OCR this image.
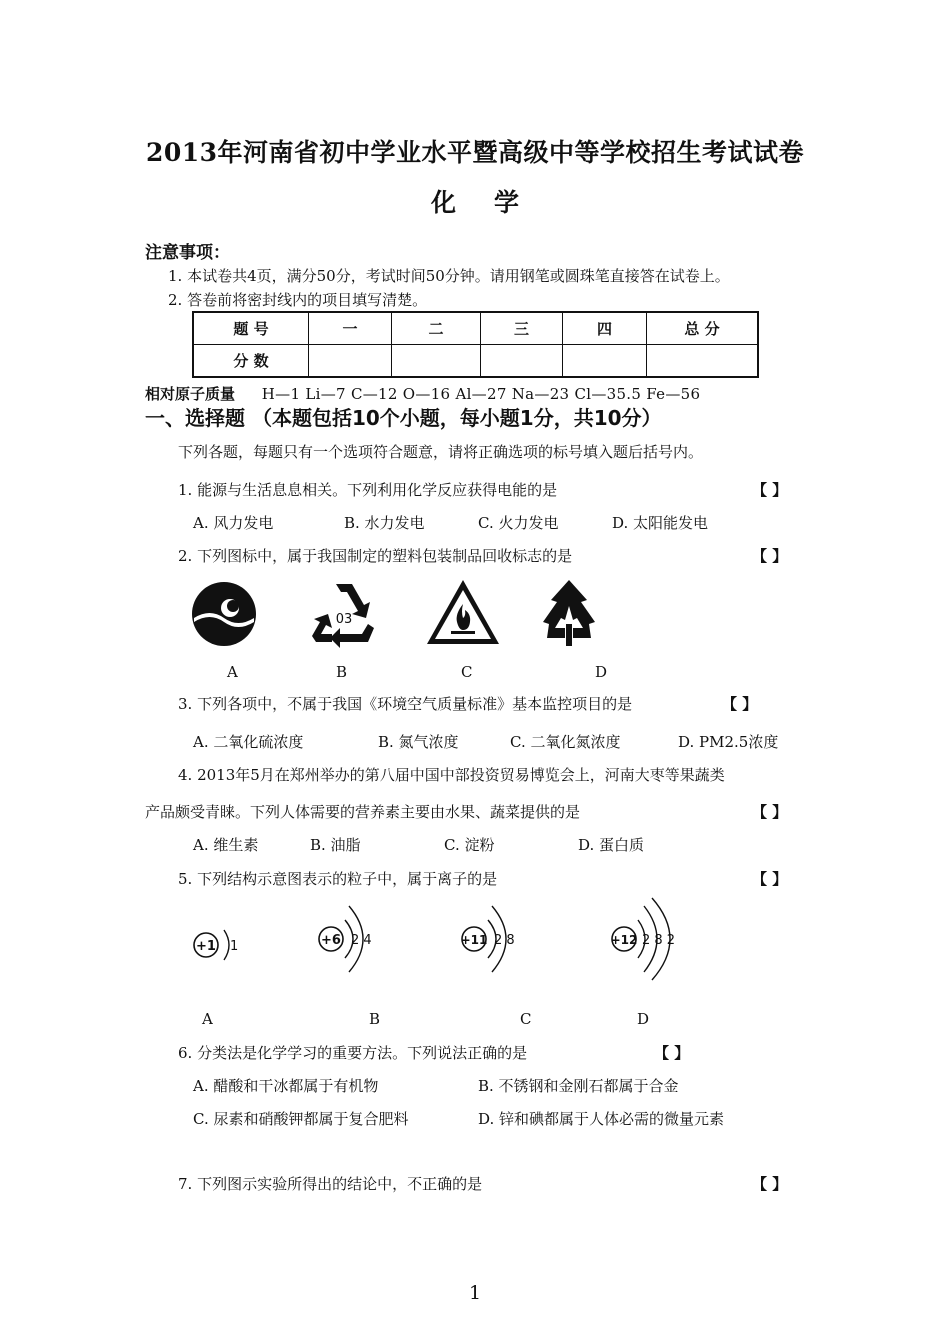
2013年河南省初中学业水平暨高级中等学校招生考试试卷
化学
注意事项：
1. 本试卷共4页，满分50分，考试时间50分钟。请用钢笔或圆珠笔直接答在试卷上。
2. 答卷前将密封线内的项目填写清楚。
题 号	一	二	三	四	总 分
分 数					
相对原子质量 H—1 Li—7 C—12 O—16 Al—27 Na—23 Cl—35.5 Fe—56
一、选择题 （本题包括10个小题，每小题1分，共10分）
下列各题，每题只有一个选项符合题意，请将正确选项的标号填入题后括号内。
1. 能源与生活息息相关。下列利用化学反应获得电能的是	【 】
A. 风力发电	B. 水力发电	C. 火力发电	D. 太阳能发电
2. 下列图标中，属于我国制定的塑料包装制品回收标志的是	【 】
03
A	B	C	D
3. 下列各项中，不属于我国《环境空气质量标准》基本监控项目的是	【 】
A. 二氧化硫浓度	B. 氮气浓度	C. 二氧化氮浓度	D. PM2.5浓度
4. 2013年5月在郑州举办的第八届中国中部投资贸易博览会上，河南大枣等果蔬类
产品颇受青睐。下列人体需要的营养素主要由水果、蔬菜提供的是	【 】
A. 维生素	B. 油脂	C. 淀粉	D. 蛋白质
5. 下列结构示意图表示的粒子中，属于离子的是	【 】
+1 1	+6 2 4	+11 2 8	+12 2 8 2
A	B	C	D
6. 分类法是化学学习的重要方法。下列说法正确的是	【 】
A. 醋酸和干冰都属于有机物	B. 不锈钢和金刚石都属于合金
C. 尿素和硝酸钾都属于复合肥料	D. 锌和碘都属于人体必需的微量元素
7. 下列图示实验所得出的结论中，不正确的是	【 】
1
